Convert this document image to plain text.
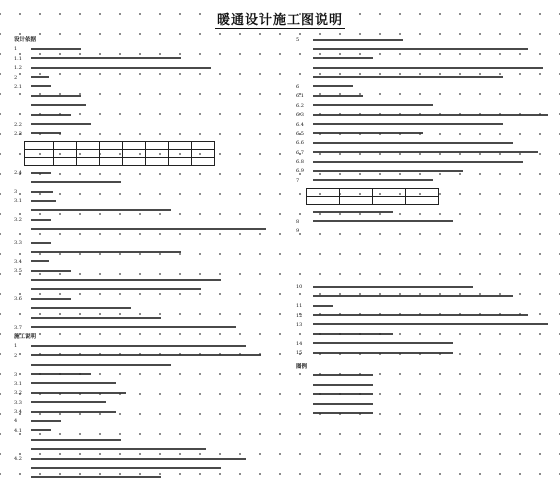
暖通设计施工图说明
设计依据
1
1.1
1.2
2
2.1
2.2
2.3

2.4
3
3.1
3.2
3.3
3.4
3.5
3.6
3.7
施工说明
1
2
3
3.1
3.2
3.3
3.4
4
4.1
4.2
5
6
6.1
6.2
6.3
6.4
6.5
6.6
6.7
6.8
6.9
7

8
9
10
11
12
13
14
15
图例
